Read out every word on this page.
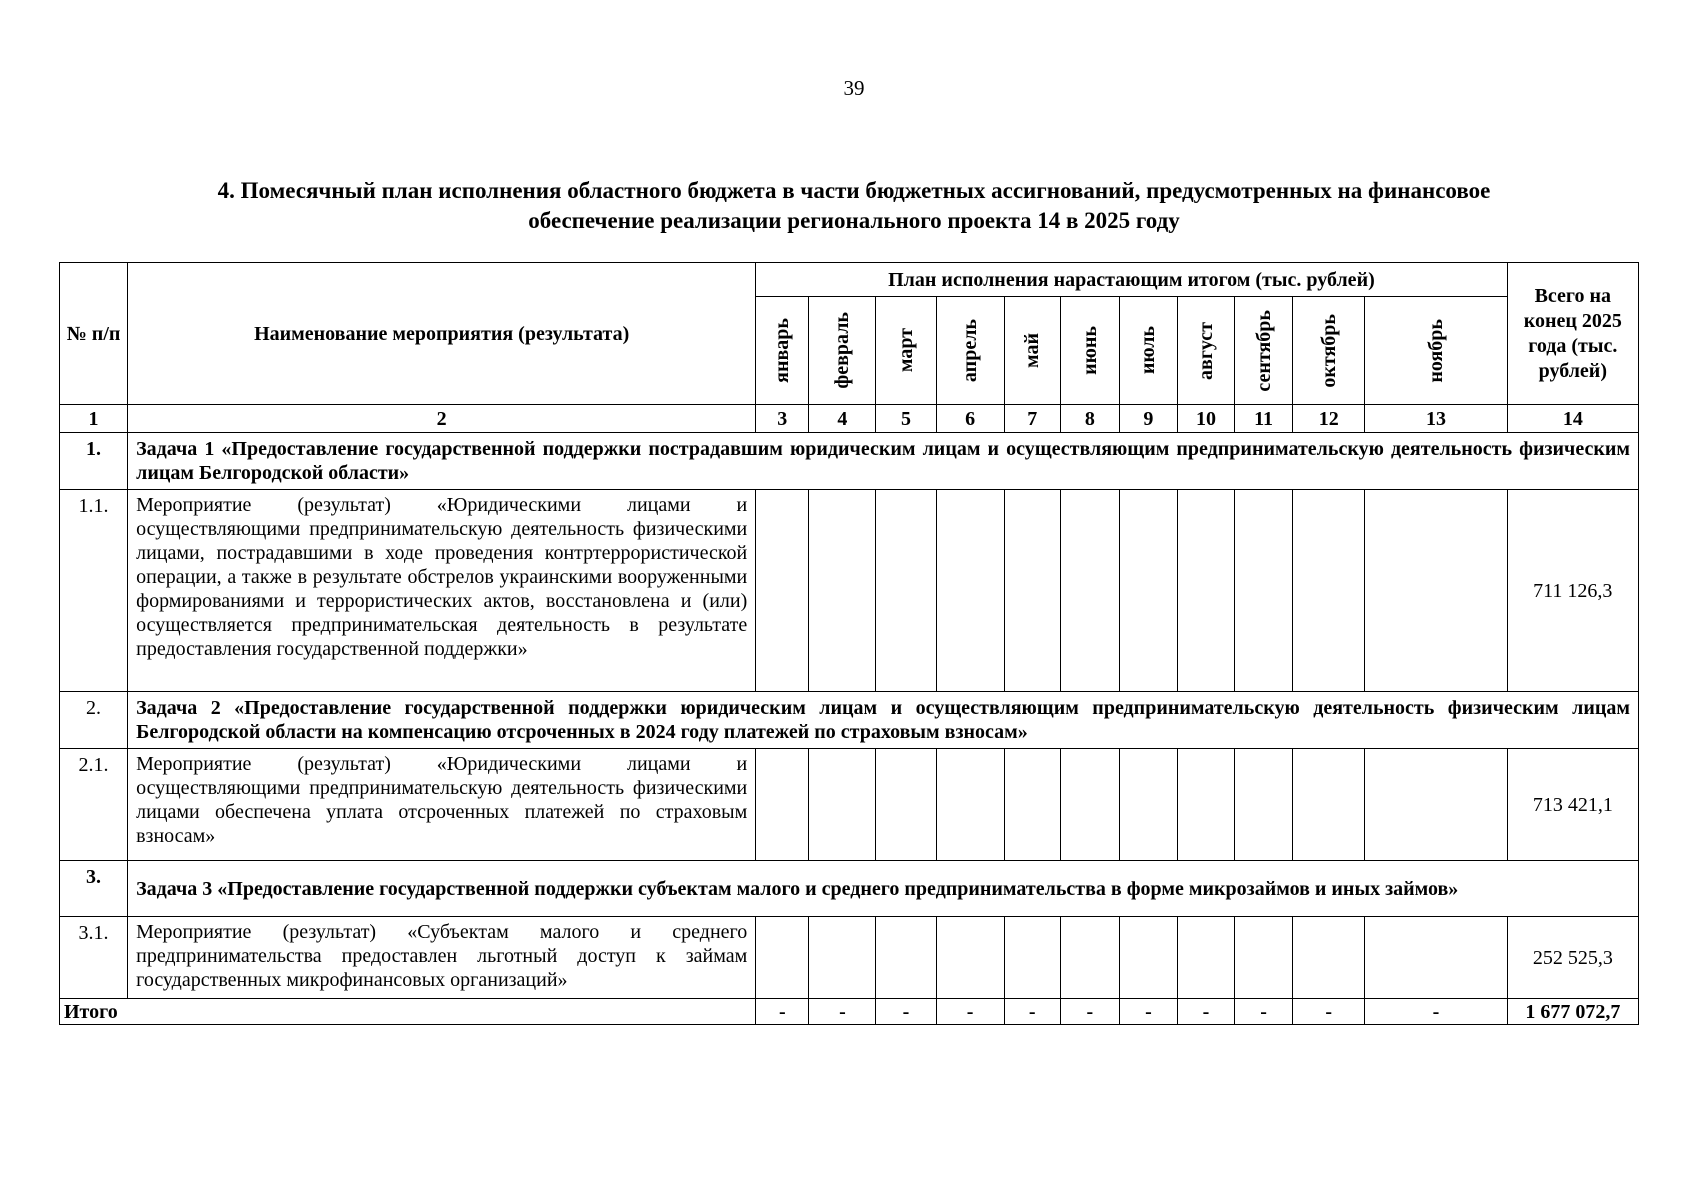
39
4. Помесячный план исполнения областного бюджета в части бюджетных ассигнований, предусмотренных на финансовое
обеспечение реализации регионального проекта 14 в 2025 году
№ п/п	Наименование мероприятия (результата)	План исполнения нарастающим итогом (тыс. рублей)											Всего на конец 2025 года (тыс. рублей)

		январь	февраль	март	апрель	май	июнь	июль	август	сентябрь	октябрь	ноябрь	

1	2	3	4	5	6	7	8	9	10	11	12	13	14
1.	Задача 1 «Предоставление государственной поддержки пострадавшим юридическим лицам и осуществляющим предпринимательскую деятельность физическим лицам Белгородской области»												
1.1.	Мероприятие (результат) «Юридическими лицами и осуществляющими предпринимательскую деятельность физическими лицами, пострадавшими в ходе проведения контртеррористической операции, а также в результате обстрелов украинскими вооруженными формированиями и террористических актов, восстановлена и (или) осуществляется предпринимательская деятельность в результате предоставления государственной поддержки»												711 126,3
2.	Задача 2 «Предоставление государственной поддержки юридическим лицам и осуществляющим предпринимательскую деятельность физическим лицам Белгородской области на компенсацию отсроченных в 2024 году платежей по страховым взносам»												
2.1.	Мероприятие (результат) «Юридическими лицами и осуществляющими предпринимательскую деятельность физическими лицами обеспечена уплата отсроченных платежей по страховым взносам»												713 421,1
3.	Задача 3 «Предоставление государственной поддержки субъектам малого и среднего предпринимательства в форме микрозаймов и иных займов»												
3.1.	Мероприятие (результат) «Субъектам малого и среднего предпринимательства предоставлен льготный доступ к займам государственных микрофинансовых организаций»												252 525,3
Итого		-	-	-	-	-	-	-	-	-	-	-	1 677 072,7
